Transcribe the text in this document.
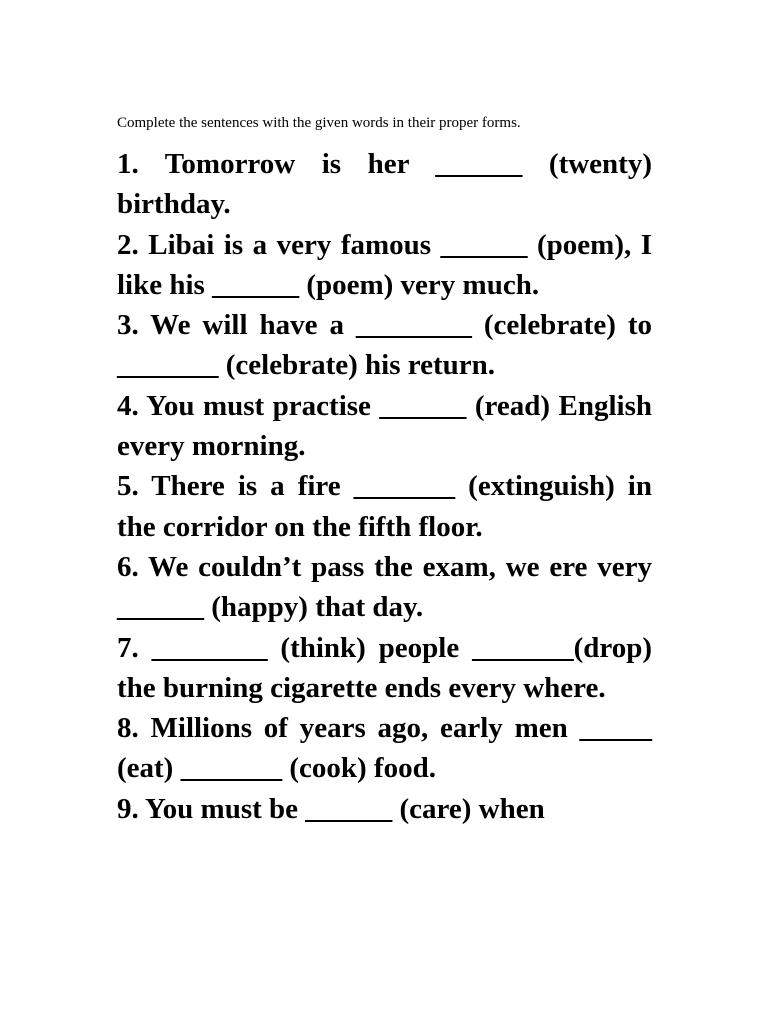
Complete the sentences with the given words in their proper forms.

1. Tomorrow is her ______ (twenty) birthday.

2. Libai is a very famous ______ (poem), I like his ______ (poem) very much.

3. We will have a ________ (celebrate) to _______ (celebrate) his return.

4. You must practise ______ (read) English every morning.

5. There is a fire _______ (extinguish) in the corridor on the fifth floor.

6. We couldn’t pass the exam, we ere very ______ (happy) that day.

7. ________ (think) people _______(drop) the burning cigarette ends every where.

8. Millions of years ago, early men _____ (eat) _______ (cook) food.

9. You must be ______ (care) when
